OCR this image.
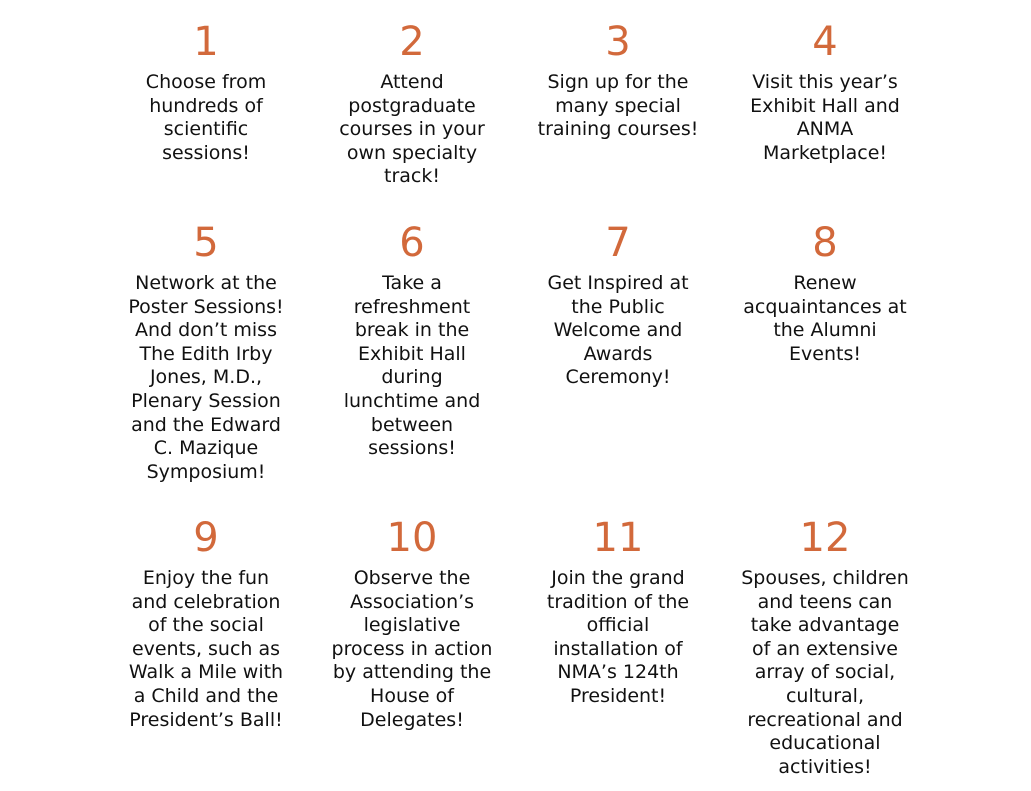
1
Choose from
hundreds of
scientific
sessions!
2
Attend
postgraduate
courses in your
own specialty
track!
3
Sign up for the
many special
training courses!
4
Visit this year’s
Exhibit Hall and
ANMA
Marketplace!
5
Network at the
Poster Sessions!
And don’t miss
The Edith Irby
Jones, M.D.,
Plenary Session
and the Edward
C. Mazique
Symposium!
6
Take a
refreshment
break in the
Exhibit Hall
during
lunchtime and
between
sessions!
7
Get Inspired at
the Public
Welcome and
Awards
Ceremony!
8
Renew
acquaintances at
the Alumni
Events!
9
Enjoy the fun
and celebration
of the social
events, such as
Walk a Mile with
a Child and the
President’s Ball!
10
Observe the
Association’s
legislative
process in action
by attending the
House of
Delegates!
11
Join the grand
tradition of the
official
installation of
NMA’s 124th
President!
12
Spouses, children
and teens can
take advantage
of an extensive
array of social,
cultural,
recreational and
educational
activities!
